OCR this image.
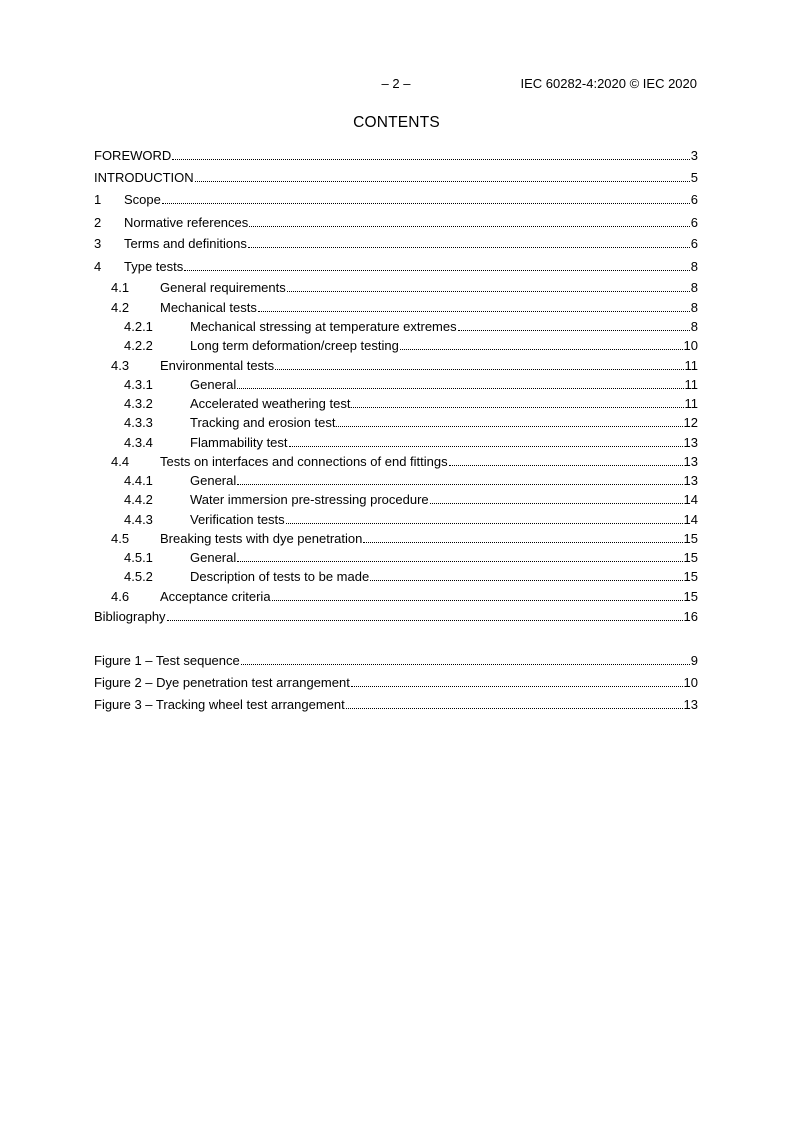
– 2 –	IEC 60282-4:2020 © IEC 2020
CONTENTS
FOREWORD	3
INTRODUCTION	5
1	Scope	6
2	Normative references	6
3	Terms and definitions	6
4	Type tests	8
4.1	General requirements	8
4.2	Mechanical tests	8
4.2.1	Mechanical stressing at temperature extremes	8
4.2.2	Long term deformation/creep testing	10
4.3	Environmental tests	11
4.3.1	General	11
4.3.2	Accelerated weathering test	11
4.3.3	Tracking and erosion test	12
4.3.4	Flammability test	13
4.4	Tests on interfaces and connections of end fittings	13
4.4.1	General	13
4.4.2	Water immersion pre-stressing procedure	14
4.4.3	Verification tests	14
4.5	Breaking tests with dye penetration	15
4.5.1	General	15
4.5.2	Description of tests to be made	15
4.6	Acceptance criteria	15
Bibliography	16
Figure 1 – Test sequence	9
Figure 2 – Dye penetration test arrangement	10
Figure 3 – Tracking wheel test arrangement	13
